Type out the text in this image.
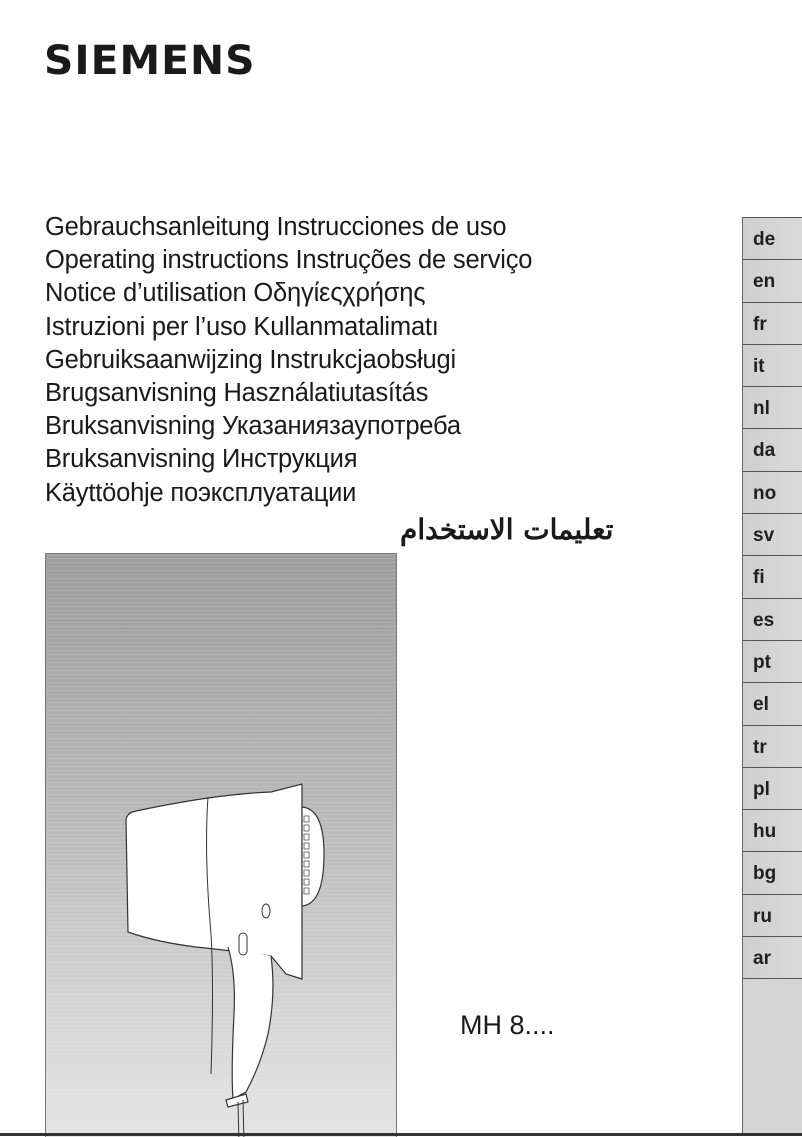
SIEMENS
Gebrauchsanleitung Instrucciones de uso
Operating instructions Instruções de serviço
Notice d’utilisation Οδηγίεςχρήσης
Istruzioni per l’uso Kullanmatalimatı
Gebruiksaanwijzing Instrukcjaobsługi
Brugsanvisning Használatiutasítás
Bruksanvisning Указаниязаупотреба
Bruksanvisning Инструкция
Käyttöohje поэксплуатации
تعليمات الاستخدام
MH 8....
de
en
fr
it
nl
da
no
sv
fi
es
pt
el
tr
pl
hu
bg
ru
ar
